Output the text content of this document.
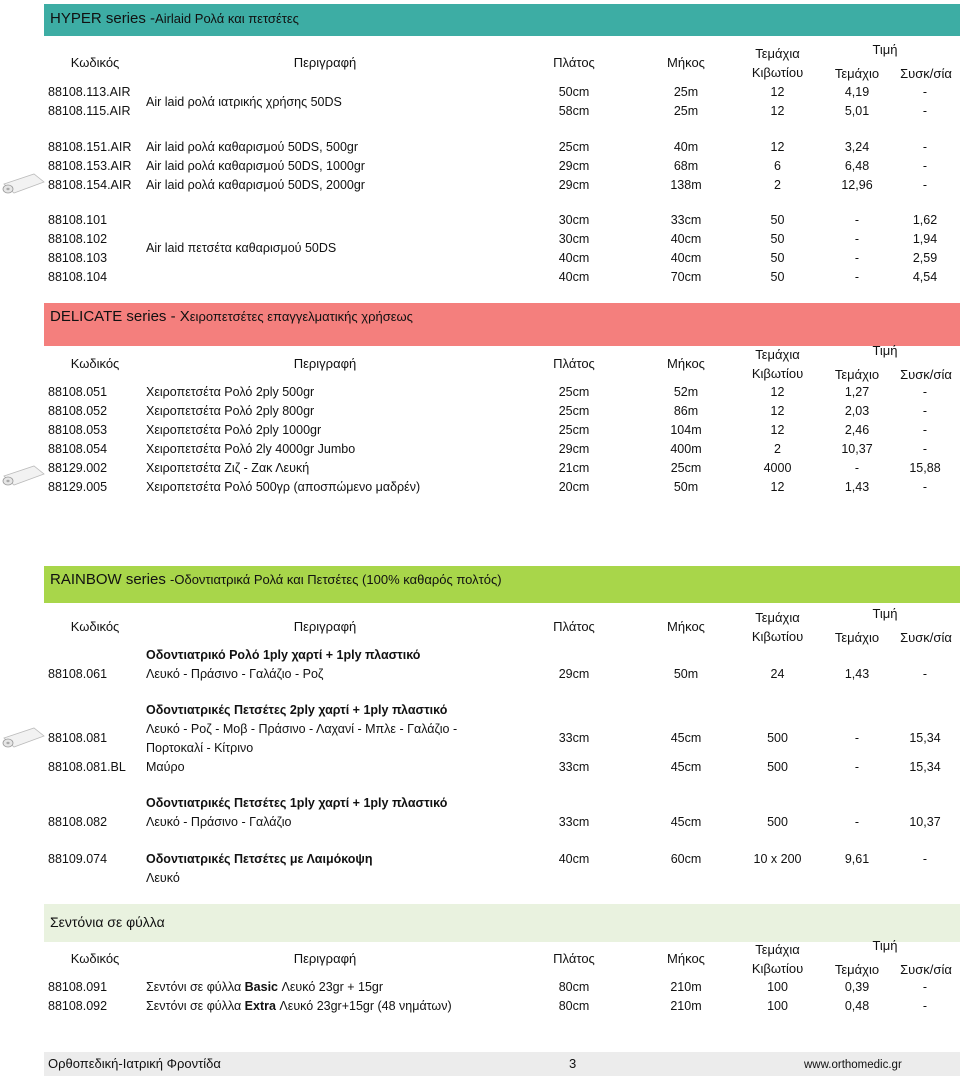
HYPER series -Airlaid Ρολά και πετσέτες
Κωδικός	Περιγραφή	Πλάτος	Μήκος
Τεμάχια
Κιβωτίου
Τιμή
Τεμάχιο	Συσκ/σία
Air laid ρολά ιατρικής χρήσης 50DS
88108.113.AIR	50cm	25m	12	4,19	-
88108.115.AIR	58cm	25m	12	5,01	-
88108.151.AIR	Air laid ρολά καθαρισμού 50DS, 500gr	25cm	40m	12	3,24	-
88108.153.AIR	Air laid ρολά καθαρισμού 50DS, 1000gr	29cm	68m	6	6,48	-
88108.154.AIR	Air laid ρολά καθαρισμού 50DS, 2000gr	29cm	138m	2	12,96	-
Air laid πετσέτα καθαρισμού 50DS
88108.101	30cm	33cm	50	-	1,62
88108.102	30cm	40cm	50	-	1,94
88108.103	40cm	40cm	50	-	2,59
88108.104	40cm	70cm	50	-	4,54
DELICATE series - Χειροπετσέτες επαγγελματικής χρήσεως
Κωδικός	Περιγραφή	Πλάτος	Μήκος
Τεμάχια
Κιβωτίου
Τιμή
Τεμάχιο	Συσκ/σία
88108.051	Χειροπετσέτα Ρολό 2ply 500gr	25cm	52m	12	1,27	-
88108.052	Χειροπετσέτα Ρολό 2ply 800gr	25cm	86m	12	2,03	-
88108.053	Χειροπετσέτα Ρολό 2ply 1000gr	25cm	104m	12	2,46	-
88108.054	Χειροπετσέτα Ρολό 2ly 4000gr Jumbo	29cm	400m	2	10,37	-
88129.002	Χειροπετσέτα Ζιζ - Ζακ Λευκή	21cm	25cm	4000	-	15,88
88129.005	Χειροπετσέτα Ρολό 500γρ (αποσπώμενο μαδρέν)	20cm	50m	12	1,43	-
RAINBOW series -Οδοντιατρικά Ρολά και Πετσέτες (100% καθαρός πολτός)
Κωδικός	Περιγραφή	Πλάτος	Μήκος
Τεμάχια
Κιβωτίου
Τιμή
Τεμάχιο	Συσκ/σία
Οδοντιατρικό Ρολό 1ply χαρτί + 1ply πλαστικό
88108.061	Λευκό - Πράσινο - Γαλάζιο - Ροζ	29cm	50m	24	1,43	-
Οδοντιατρικές Πετσέτες 2ply χαρτί + 1ply πλαστικό
Λευκό - Ροζ - Μοβ - Πράσινο - Λαχανί - Μπλε - Γαλάζιο -
Πορτοκαλί - Κίτρινο
88108.081	33cm	45cm	500	-	15,34
88108.081.BL	Μαύρο	33cm	45cm	500	-	15,34
Οδοντιατρικές Πετσέτες 1ply χαρτί + 1ply πλαστικό
88108.082	Λευκό - Πράσινο - Γαλάζιο	33cm	45cm	500	-	10,37
Οδοντιατρικές Πετσέτες με Λαιμόκοψη
Λευκό
88109.074	40cm	60cm	10 x 200	9,61	-
Σεντόνια σε φύλλα
Κωδικός	Περιγραφή	Πλάτος	Μήκος
Τεμάχια
Κιβωτίου
Τιμή
Τεμάχιο	Συσκ/σία
88108.091	Σεντόνι σε φύλλα Basic Λευκό 23gr + 15gr	80cm	210m	100	0,39	-
88108.092	Σεντόνι σε φύλλα Extra Λευκό 23gr+15gr (48 νημάτων)	80cm	210m	100	0,48	-
Ορθοπεδική-Ιατρική Φροντίδα	3	www.orthomedic.gr
